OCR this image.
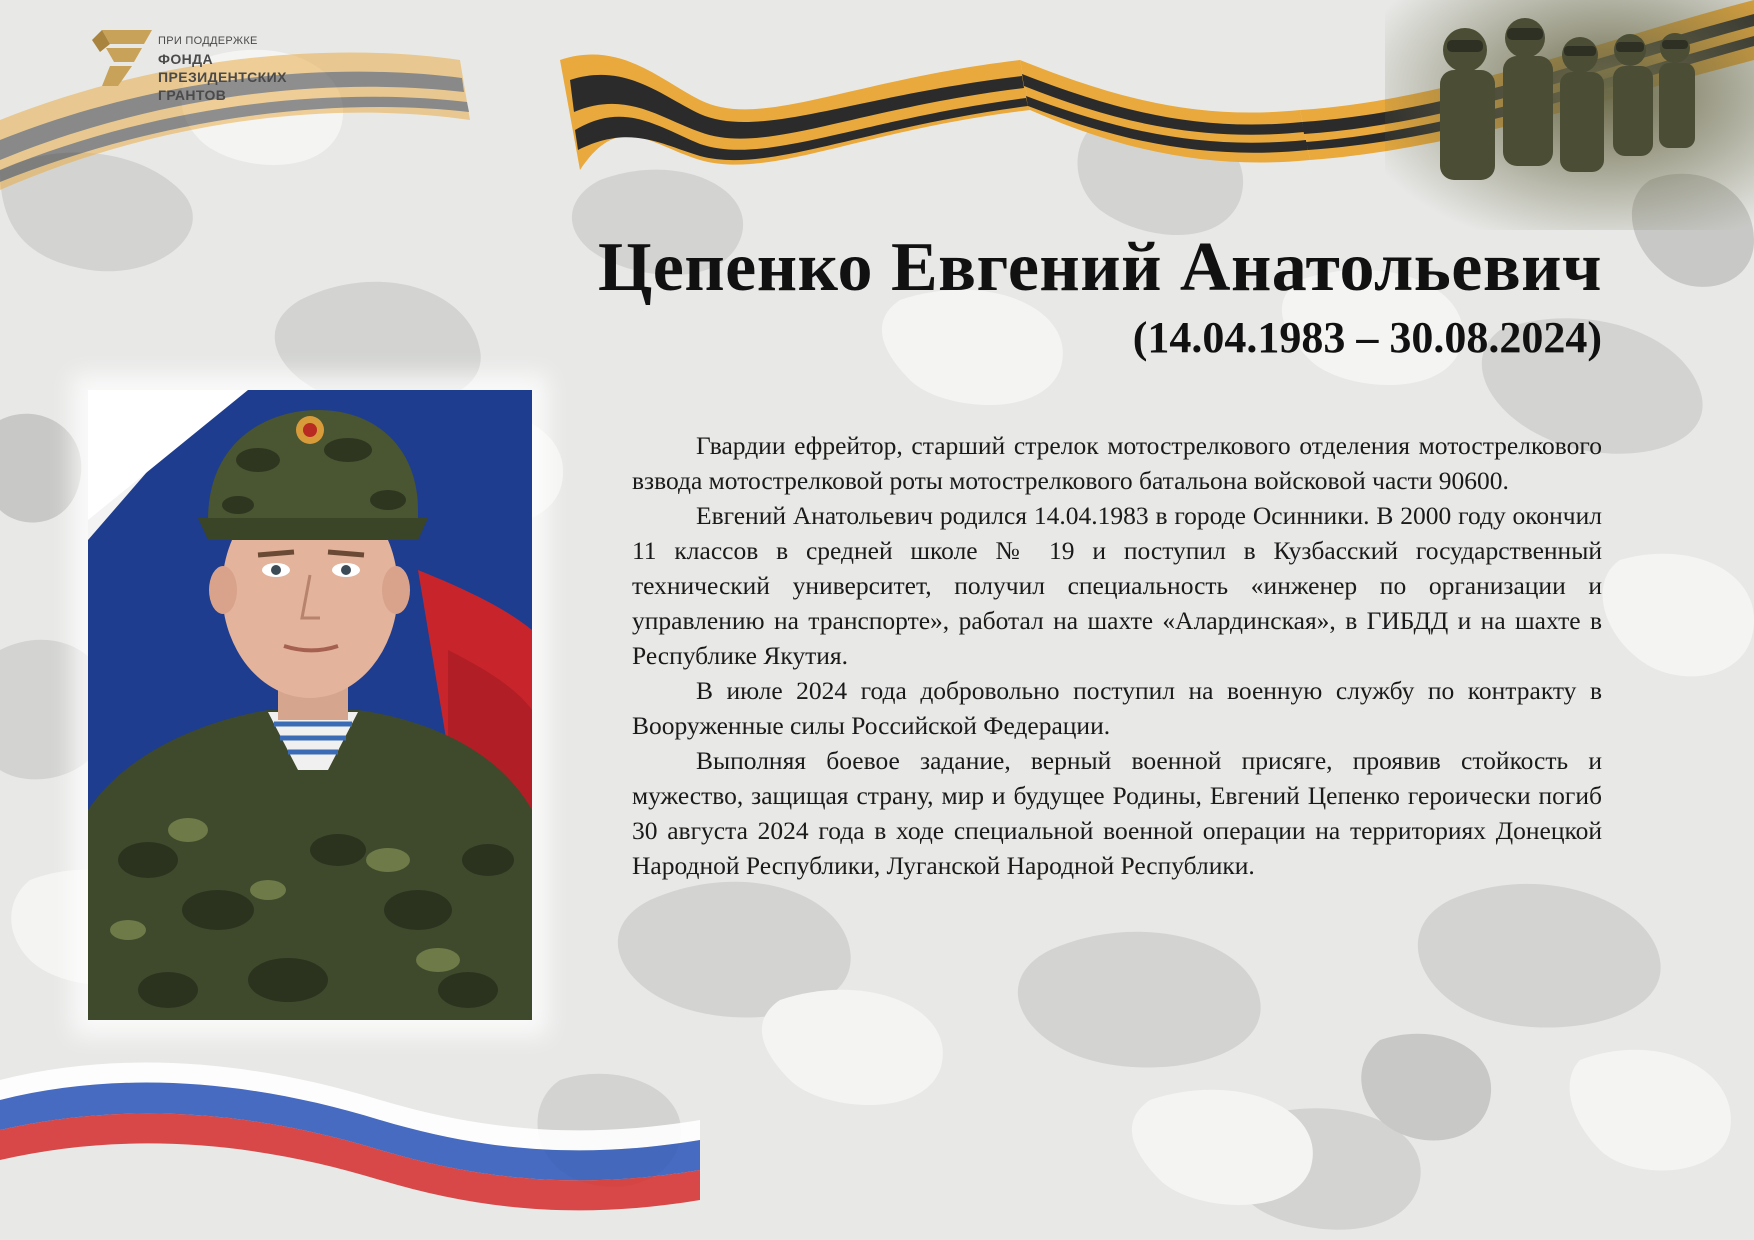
ПРИ ПОДДЕРЖКЕ
ФОНДА
ПРЕЗИДЕНТСКИХ
ГРАНТОВ
Цепенко Евгений Анатольевич
(14.04.1983 – 30.08.2024)

Гвардии ефрейтор, старший стрелок мотострелкового отделения мотострелкового взвода мотострелковой роты мотострелкового батальона войсковой части 90600.

Евгений Анатольевич родился 14.04.1983 в городе Осинники. В 2000 году окончил 11 классов в средней школе № 19 и поступил в Кузбасский государственный технический университет, получил специальность «инженер по организации и управлению на транспорте», работал на шахте «Алардинская», в ГИБДД и на шахте в Республике Якутия.

В июле 2024 года добровольно поступил на военную службу по контракту в Вооруженные силы Российской Федерации.

Выполняя боевое задание, верный военной присяге, проявив стойкость и мужество, защищая страну, мир и будущее Родины, Евгений Цепенко героически погиб 30 августа 2024 года в ходе специальной военной операции на территориях Донецкой Народной Республики, Луганской Народной Республики.
